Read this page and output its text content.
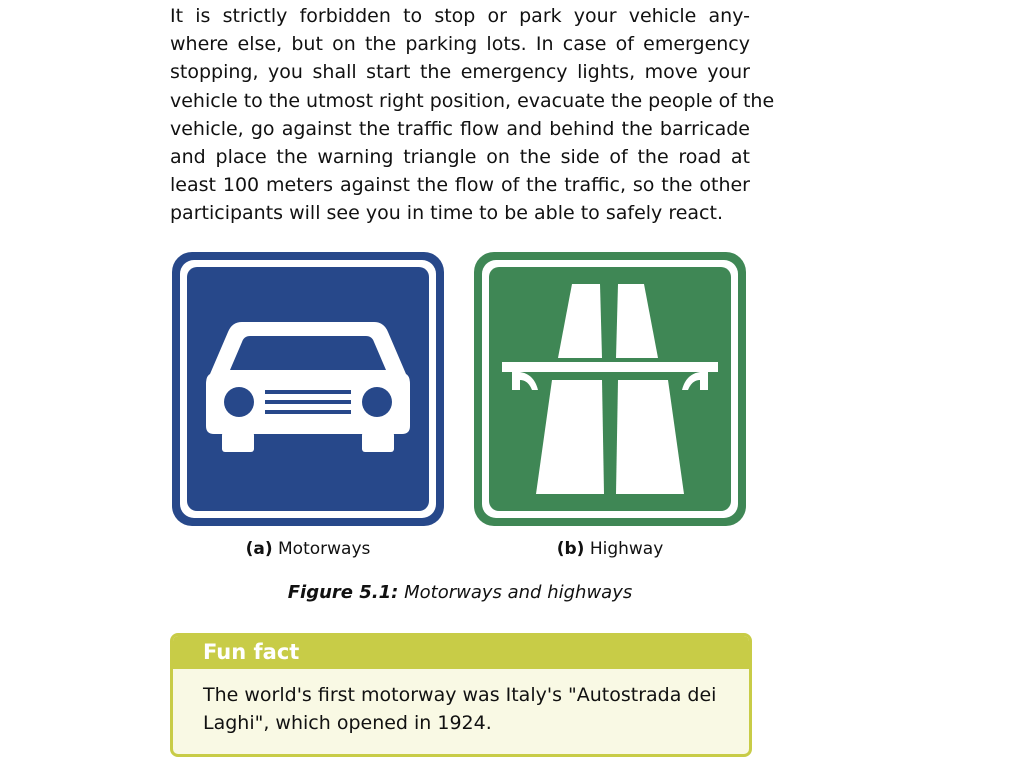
It is strictly forbidden to stop or park your vehicle any-
where else, but on the parking lots. In case of emergency
stopping, you shall start the emergency lights, move your
vehicle to the utmost right position, evacuate the people of the
vehicle, go against the traffic flow and behind the barricade
and place the warning triangle on the side of the road at
least 100 meters against the flow of the traffic, so the other
participants will see you in time to be able to safely react.

(a) Motorways	(b) Highway
Figure 5.1: Motorways and highways
Fun fact
The world's first motorway was Italy's "Autostrada dei Laghi", which opened in 1924.
